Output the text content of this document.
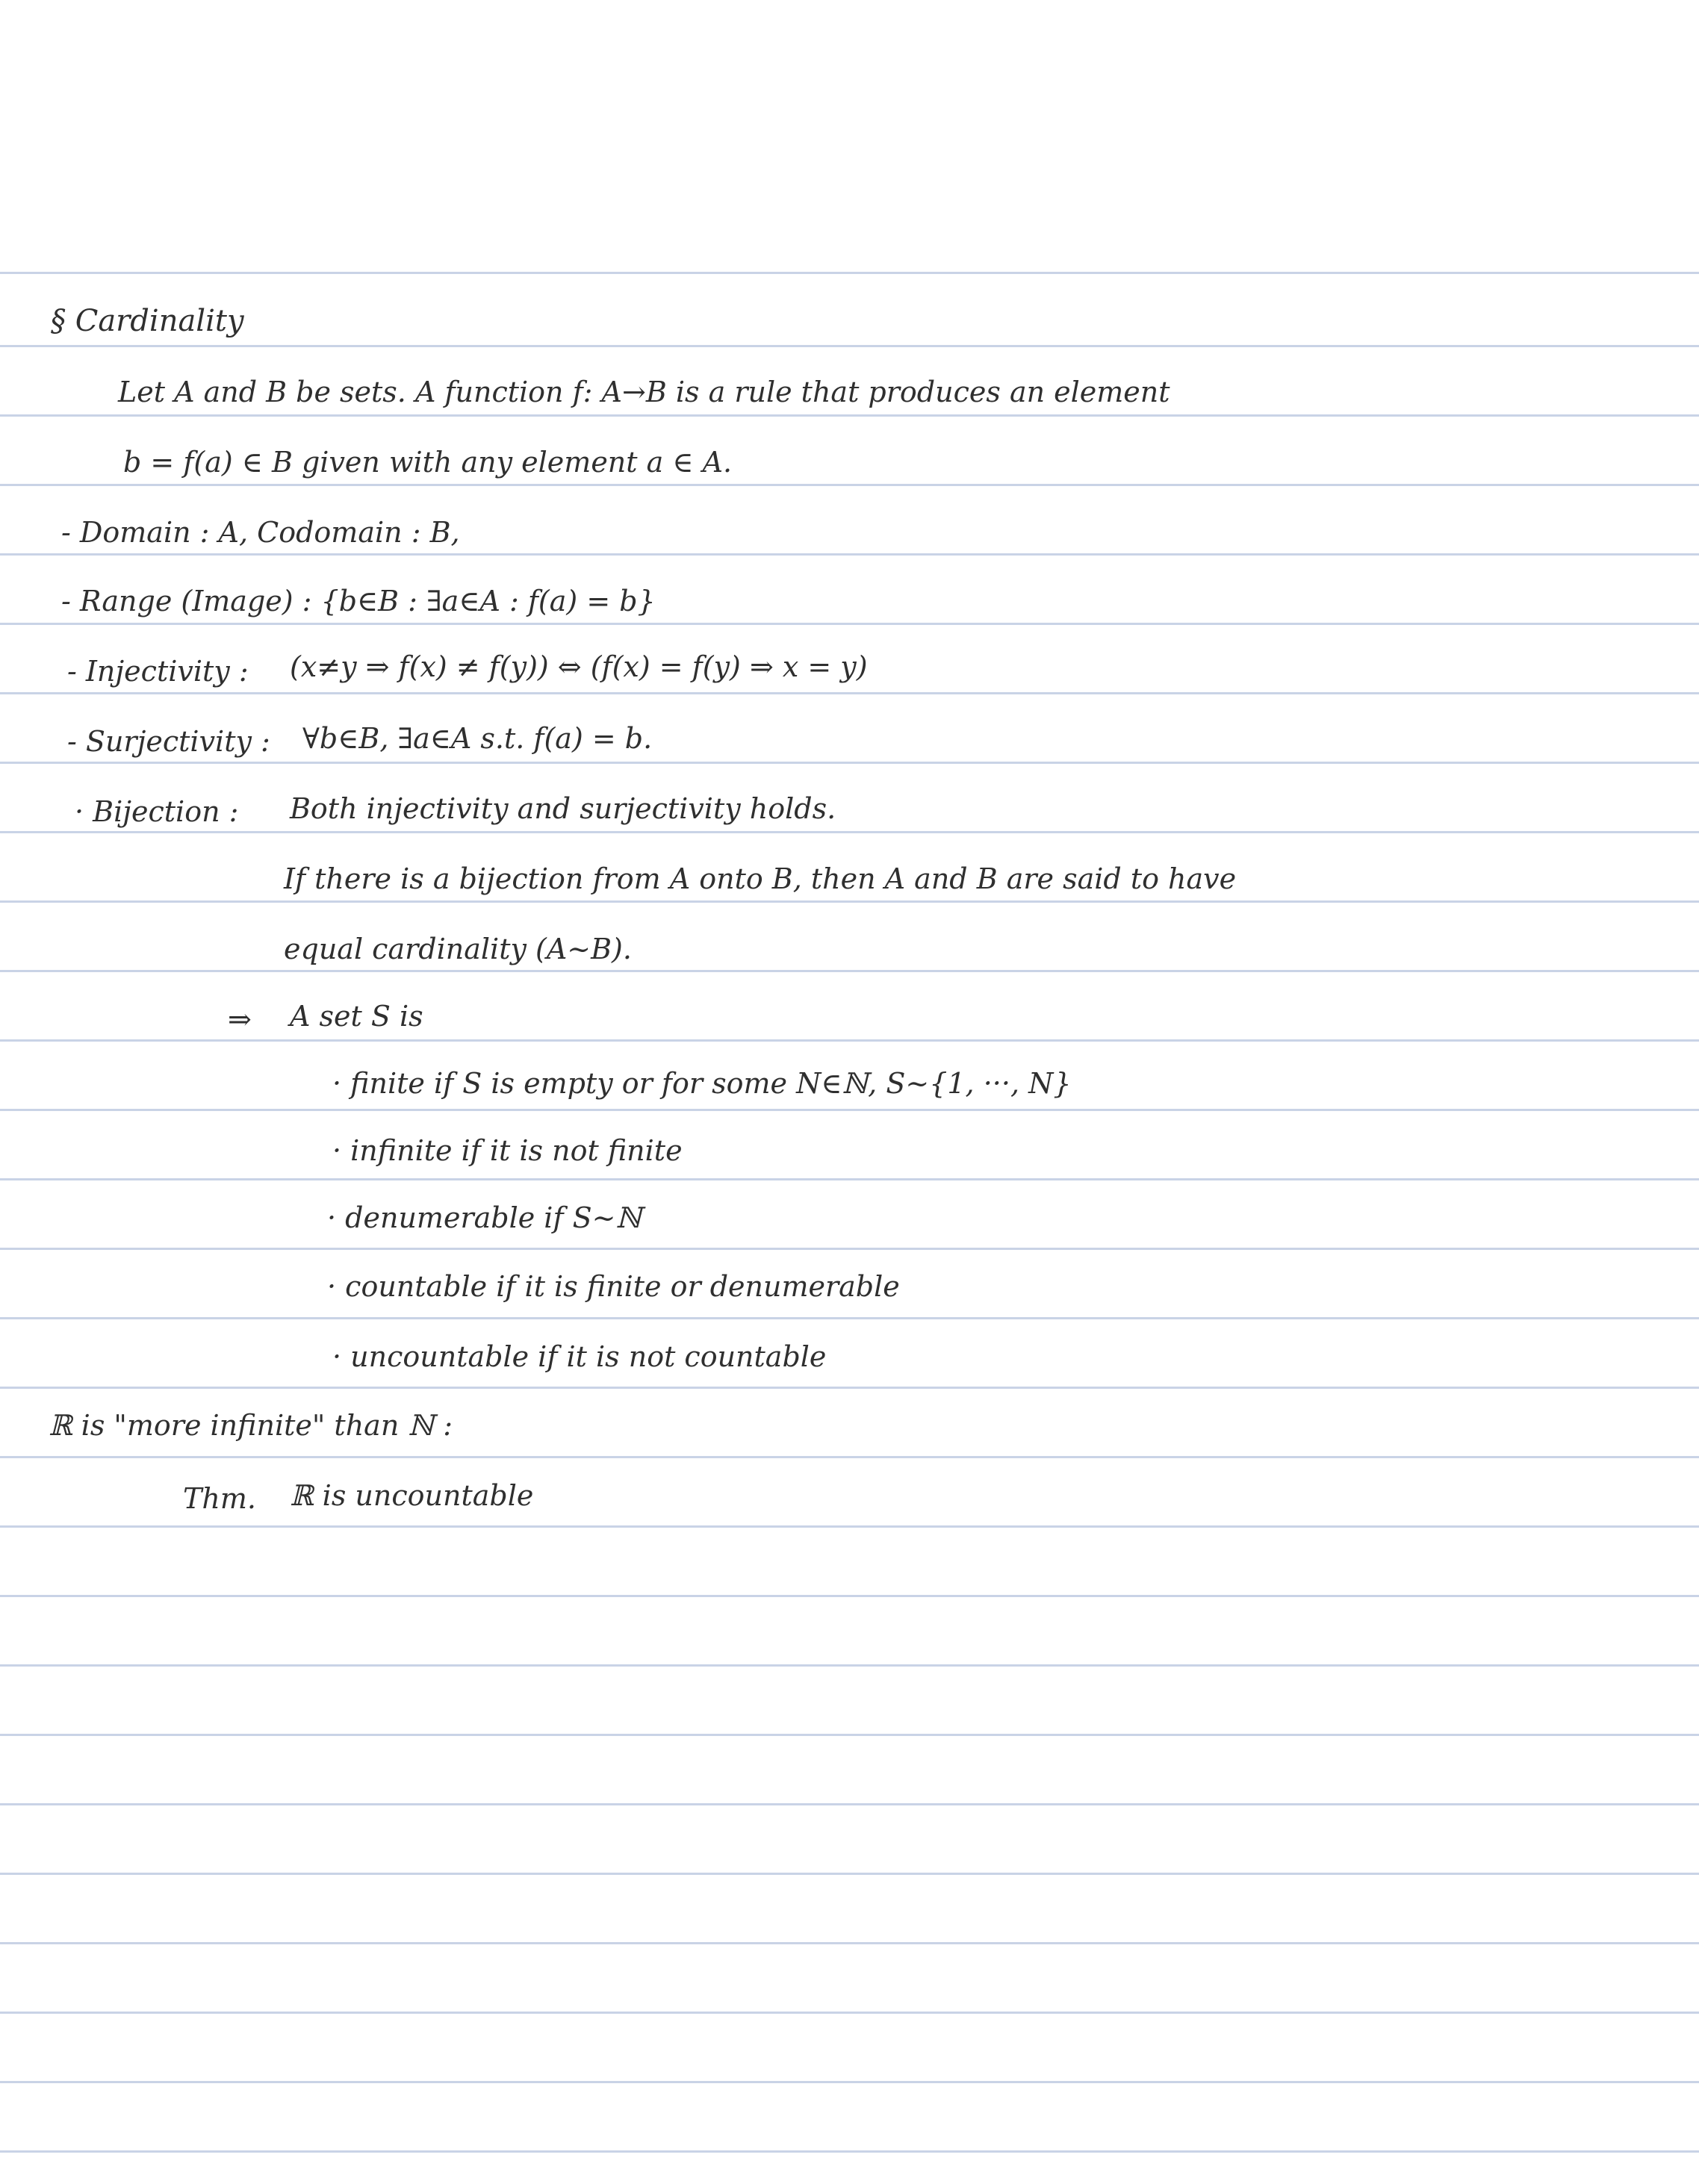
§ Cardinality
Let A and B be sets. A function f: A→B is a rule that produces an element
b = f(a) ∈ B given with any element a ∈ A.
- Domain : A, Codomain : B,
- Range (Image) : {b∈B : ∃a∈A : f(a) = b}
- Injectivity : (x≠y ⇒ f(x) ≠ f(y)) ⇔ (f(x) = f(y) ⇒ x = y)
- Surjectivity : ∀b∈B, ∃a∈A s.t. f(a) = b.
· Bijection : Both injectivity and surjectivity holds.
If there is a bijection from A onto B, then A and B are said to have
equal cardinality (A~B).
⇒ A set S is
· finite if S is empty or for some N∈ℕ, S~{1, ···, N}
· infinite if it is not finite
· denumerable if S~ℕ
· countable if it is finite or denumerable
· uncountable if it is not countable
ℝ is "more infinite" than ℕ :
Thm. ℝ is uncountable
